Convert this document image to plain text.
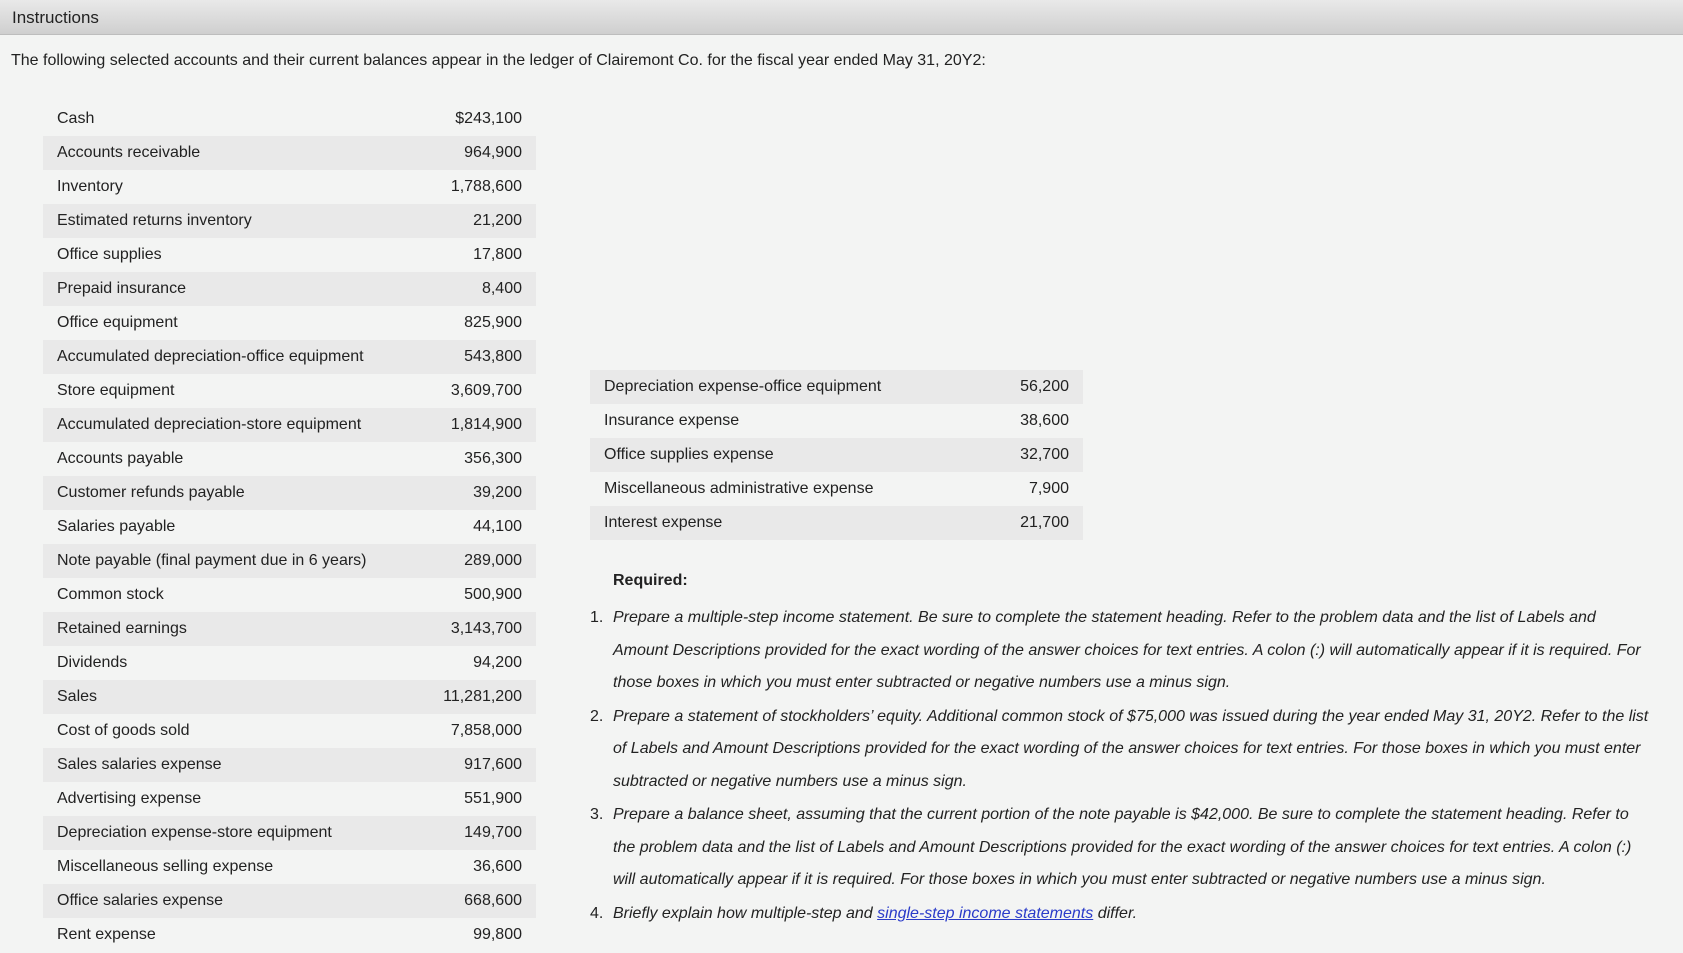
Instructions
The following selected accounts and their current balances appear in the ledger of Clairemont Co. for the fiscal year ended May 31, 20Y2:
Cash	$243,100
Accounts receivable	964,900
Inventory	1,788,600
Estimated returns inventory	21,200
Office supplies	17,800
Prepaid insurance	8,400
Office equipment	825,900
Accumulated depreciation-office equipment	543,800
Store equipment	3,609,700
Accumulated depreciation-store equipment	1,814,900
Accounts payable	356,300
Customer refunds payable	39,200
Salaries payable	44,100
Note payable (final payment due in 6 years)	289,000
Common stock	500,900
Retained earnings	3,143,700
Dividends	94,200
Sales	11,281,200
Cost of goods sold	7,858,000
Sales salaries expense	917,600
Advertising expense	551,900
Depreciation expense-store equipment	149,700
Miscellaneous selling expense	36,600
Office salaries expense	668,600
Rent expense	99,800
Depreciation expense-office equipment	56,200
Insurance expense	38,600
Office supplies expense	32,700
Miscellaneous administrative expense	7,900
Interest expense	21,700
Required:
1. Prepare a multiple-step income statement. Be sure to complete the statement heading. Refer to the problem data and the list of Labels and Amount Descriptions provided for the exact wording of the answer choices for text entries. A colon (:) will automatically appear if it is required. For those boxes in which you must enter subtracted or negative numbers use a minus sign.
2. Prepare a statement of stockholders’ equity. Additional common stock of $75,000 was issued during the year ended May 31, 20Y2. Refer to the list of Labels and Amount Descriptions provided for the exact wording of the answer choices for text entries. For those boxes in which you must enter subtracted or negative numbers use a minus sign.
3. Prepare a balance sheet, assuming that the current portion of the note payable is $42,000. Be sure to complete the statement heading. Refer to the problem data and the list of Labels and Amount Descriptions provided for the exact wording of the answer choices for text entries. A colon (:) will automatically appear if it is required. For those boxes in which you must enter subtracted or negative numbers use a minus sign.
4. Briefly explain how multiple-step and single-step income statements differ.
